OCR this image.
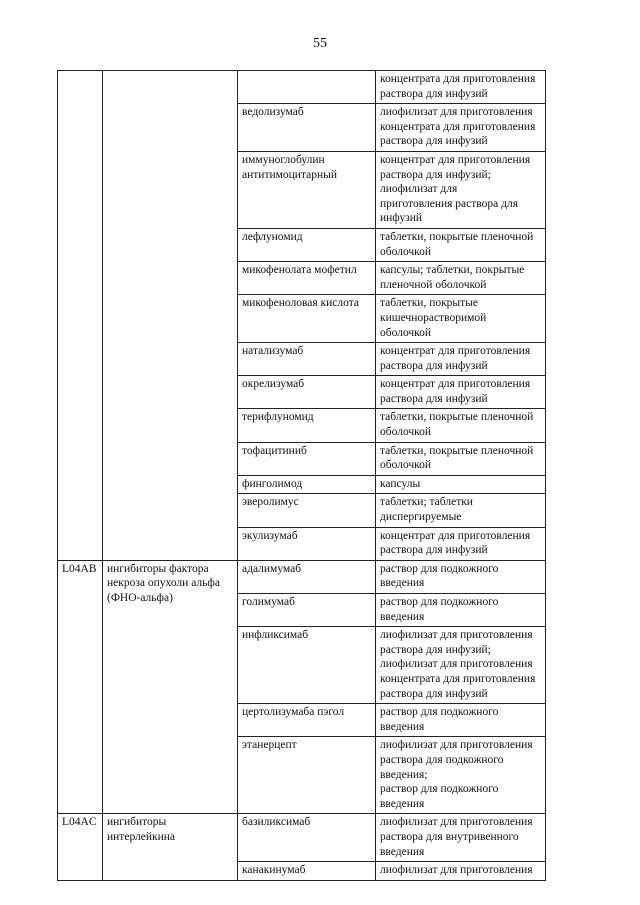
55
			концентрата для приготовления
раствора для инфузий
		ведолизумаб	лиофилизат для приготовления
концентрата для приготовления
раствора для инфузий
		иммуноглобулин
антитимоцитарный	концентрат для приготовления
раствора для инфузий;
лиофилизат для
приготовления раствора для
инфузий
		лефлуномид	таблетки, покрытые пленочной
оболочкой
		микофенолата мофетил	капсулы; таблетки, покрытые
пленочной оболочкой
		микофеноловая кислота	таблетки, покрытые
кишечнорастворимой
оболочкой
		натализумаб	концентрат для приготовления
раствора для инфузий
		окрелизумаб	концентрат для приготовления
раствора для инфузий
		терифлуномид	таблетки, покрытые пленочной
оболочкой
		тофацитиниб	таблетки, покрытые пленочной
оболочкой
		финголимод	капсулы
		эверолимус	таблетки; таблетки
диспергируемые
		экулизумаб	концентрат для приготовления
раствора для инфузий
L04AB	ингибиторы фактора некроза опухоли альфа (ФНО-альфа)	адалимумаб	раствор для подкожного
введения
		голимумаб	раствор для подкожного
введения
		инфликсимаб	лиофилизат для приготовления
раствора для инфузий;
лиофилизат для приготовления
концентрата для приготовления
раствора для инфузий
		цертолизумаба пэгол	раствор для подкожного
введения
		этанерцепт	лиофилизат для приготовления
раствора для подкожного
введения;
раствор для подкожного
введения
L04AC	ингибиторы интерлейкина	базиликсимаб	лиофилизат для приготовления
раствора для внутривенного
введения
		канакинумаб	лиофилизат для приготовления
